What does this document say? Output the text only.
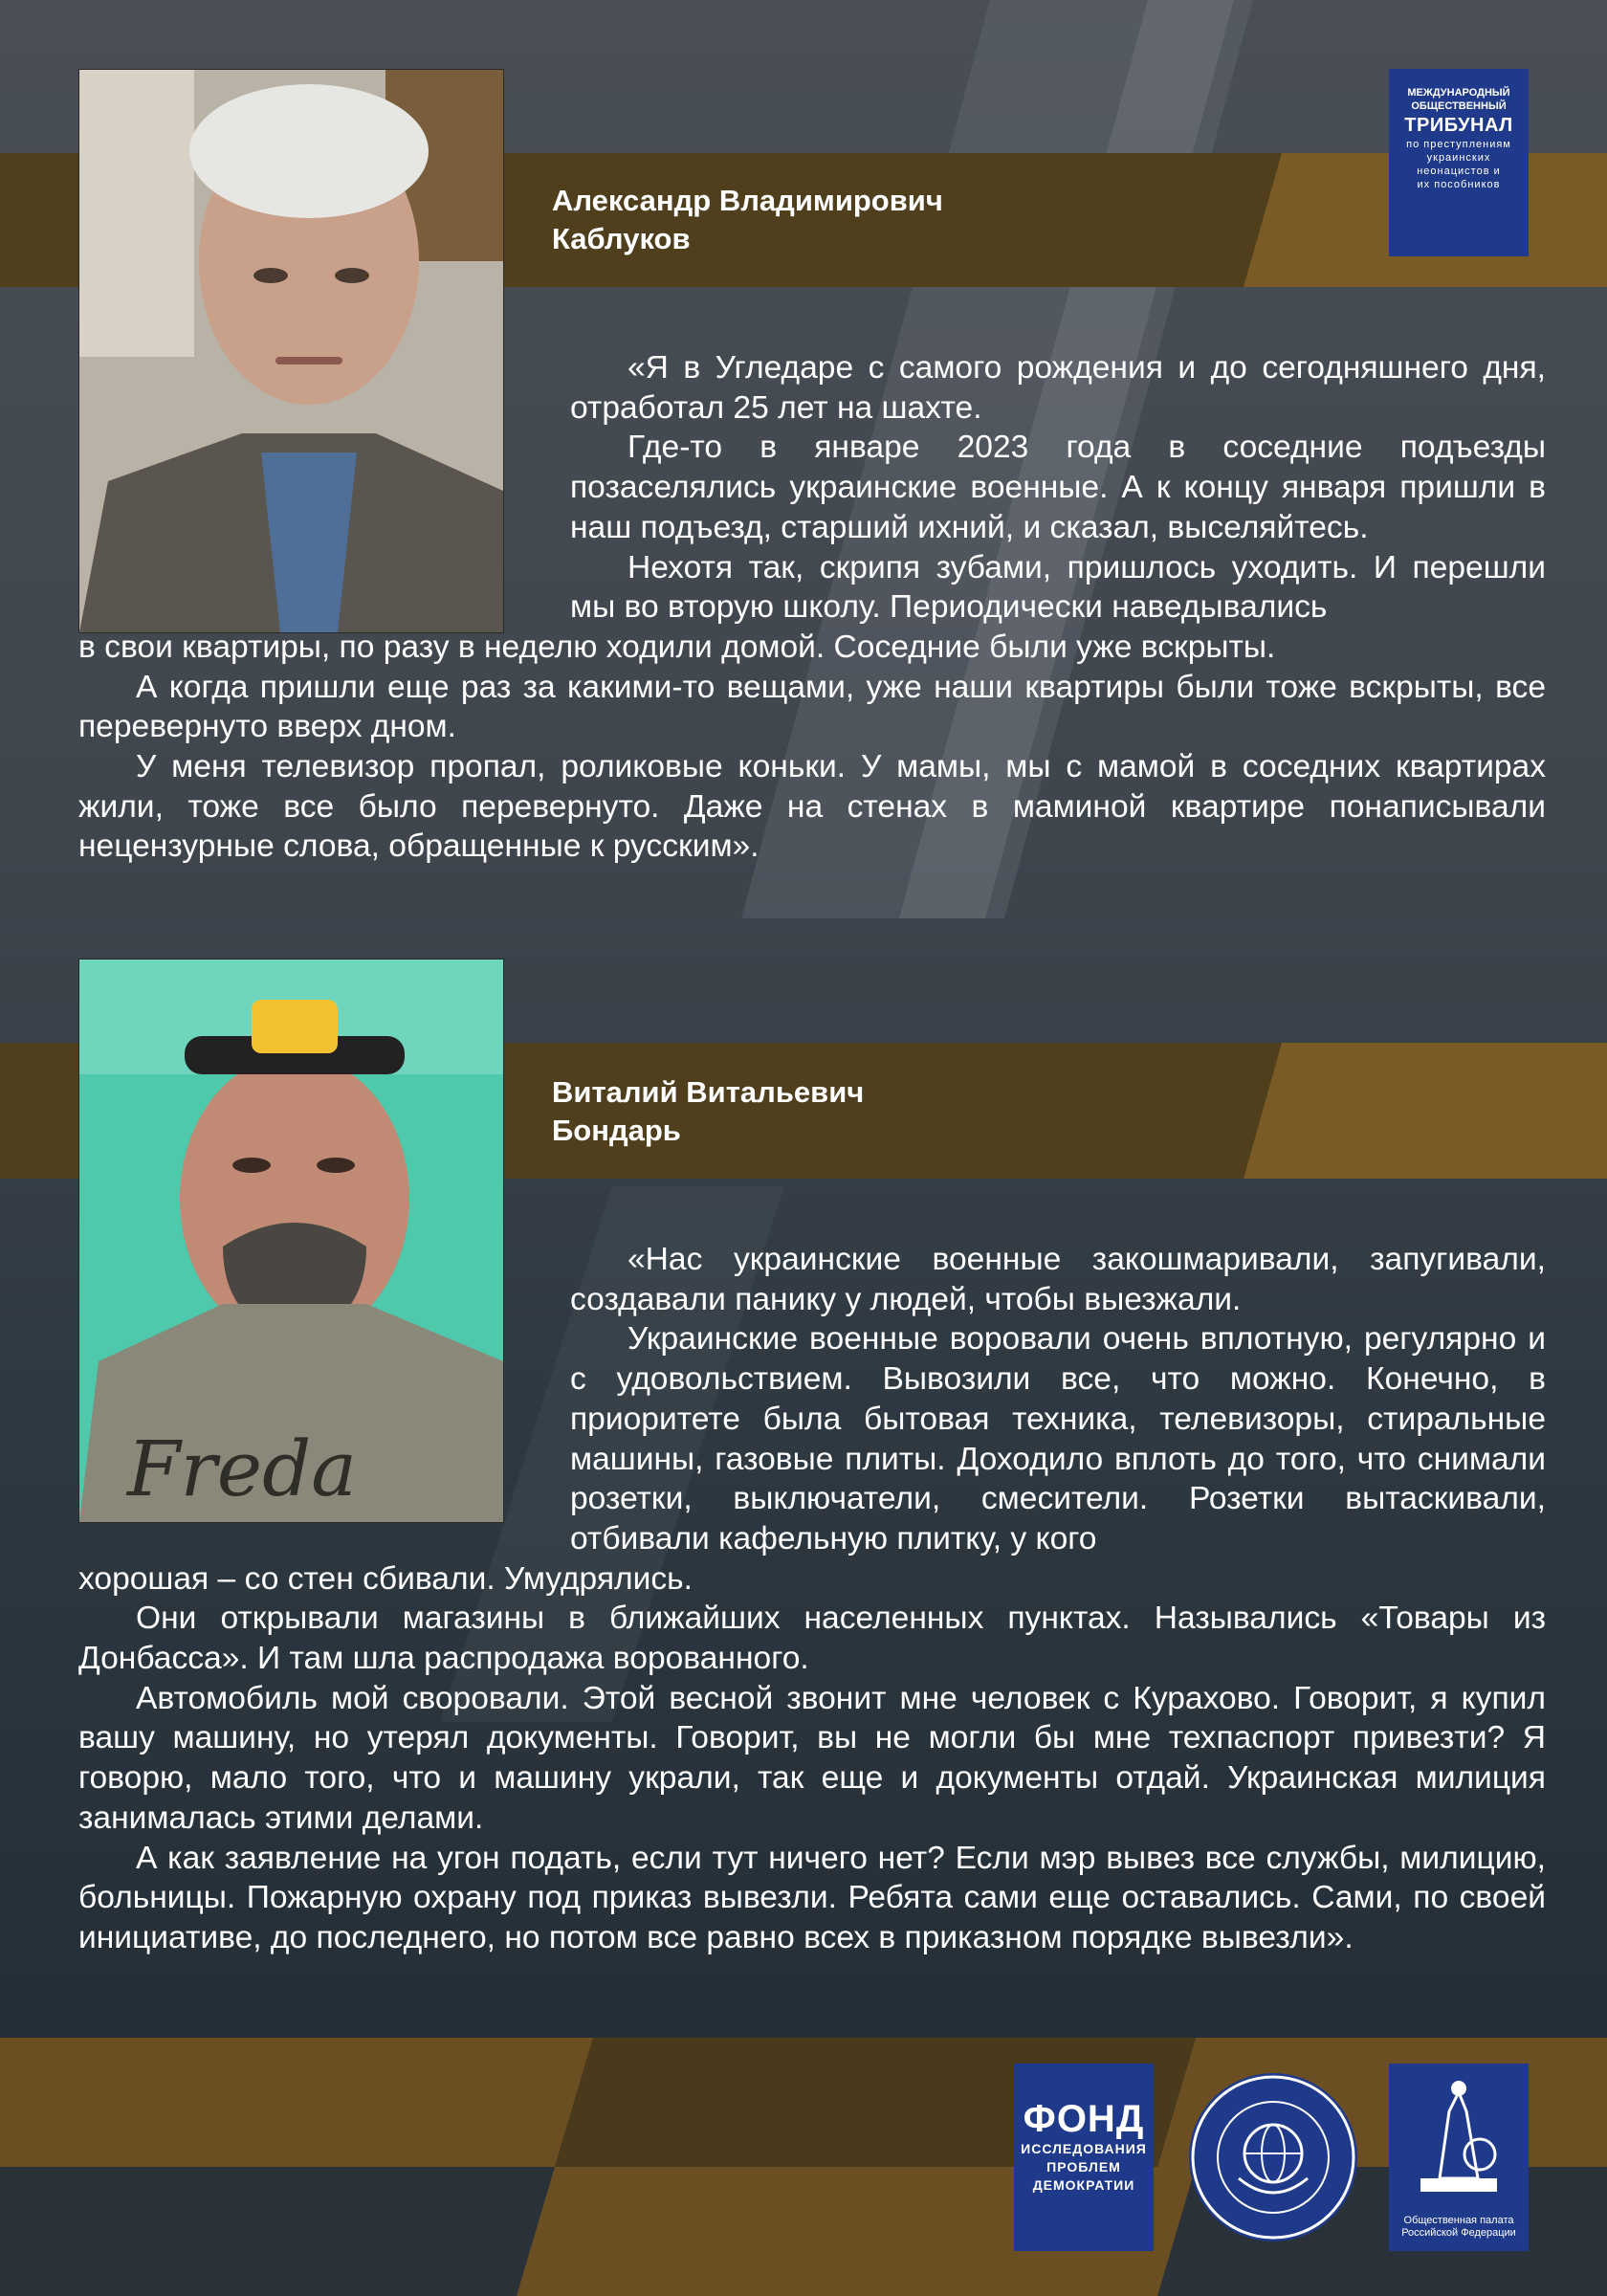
Александр Владимирович
Каблуков

«Я в Угледаре с самого рождения и до сегодняшнего дня, отработал 25 лет на шахте.

Где-то в январе 2023 года в соседние подъезды позаселялись украинские военные. А к концу января пришли в наш подъезд, старший ихний, и сказал, выселяйтесь.

Нехотя так, скрипя зубами, пришлось уходить. И перешли мы во вторую школу. Периодически наведывались

в свои квартиры, по разу в неделю ходили домой. Соседние были уже вскрыты.

А когда пришли еще раз за какими-то вещами, уже наши квартиры были тоже вскрыты, все перевернуто вверх дном.

У меня телевизор пропал, роликовые коньки. У мамы, мы с мамой в соседних квартирах жили, тоже все было перевернуто. Даже на стенах в маминой квартире понаписывали нецензурные слова, обращенные к русским».

Freda
Виталий Витальевич
Бондарь

«Нас украинские военные закошмаривали, запугивали, создавали панику у людей, чтобы выезжали.

Украинские военные воровали очень вплотную, регулярно и с удовольствием. Вывозили все, что можно. Конечно, в приоритете была бытовая техника, телевизоры, стиральные машины, газовые плиты. Доходило вплоть до того, что снимали розетки, выключатели, смесители. Розетки вытаскивали, отбивали кафельную плитку, у кого

хорошая – со стен сбивали. Умудрялись.

Они открывали магазины в ближайших населенных пунктах. Назывались «Товары из Донбасса». И там шла распродажа ворованного.

Автомобиль мой своровали. Этой весной звонит мне человек с Курахово. Говорит, я купил вашу машину, но утерял документы. Говорит, вы не могли бы мне техпаспорт привезти? Я говорю, мало того, что и машину украли, так еще и документы отдай. Украинская милиция занималась этими делами.

А как заявление на угон подать, если тут ничего нет? Если мэр вывез все службы, милицию, больницы. Пожарную охрану под приказ вывезли. Ребята сами еще оставались. Сами, по своей инициативе, до последнего, но потом все равно всех в приказном порядке вывезли».

МЕЖДУНАРОДНЫЙ
ОБЩЕСТВЕННЫЙ
ТРИБУНАЛ
по преступлениям
украинских
неонацистов и
их пособников
ФОНД
ИССЛЕДОВАНИЯ
ПРОБЛЕМ
ДЕМОКРАТИИ
Общественная палата
Российской Федерации
